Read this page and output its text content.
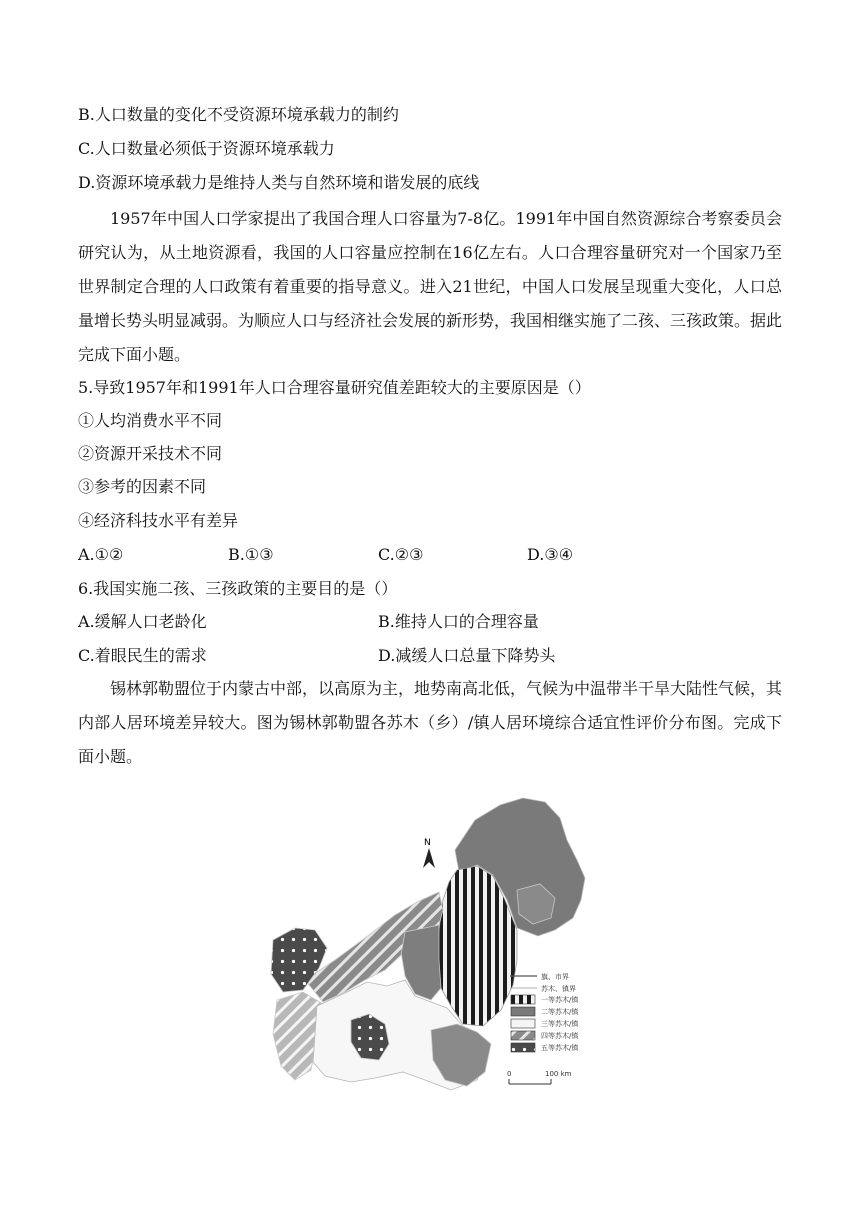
B.人口数量的变化不受资源环境承载力的制约
C.人口数量必须低于资源环境承载力
D.资源环境承载力是维持人类与自然环境和谐发展的底线
1957年中国人口学家提出了我国合理人口容量为7-8亿。1991年中国自然资源综合考察委员会研究认为，从土地资源看，我国的人口容量应控制在16亿左右。人口合理容量研究对一个国家乃至世界制定合理的人口政策有着重要的指导意义。进入21世纪，中国人口发展呈现重大变化，人口总量增长势头明显减弱。为顺应人口与经济社会发展的新形势，我国相继实施了二孩、三孩政策。据此完成下面小题。
5.导致1957年和1991年人口合理容量研究值差距较大的主要原因是（）
①人均消费水平不同
②资源开采技术不同
③参考的因素不同
④经济科技水平有差异
A.①②	B.①③	C.②③	D.③④
6.我国实施二孩、三孩政策的主要目的是（）
A.缓解人口老龄化	B.维持人口的合理容量
C.着眼民生的需求	D.减缓人口总量下降势头
锡林郭勒盟位于内蒙古中部，以高原为主，地势南高北低，气候为中温带半干旱大陆性气候，其内部人居环境差异较大。图为锡林郭勒盟各苏木（乡）/镇人居环境综合适宜性评价分布图。完成下面小题。
N
旗、市界
苏木、镇界
一等苏木/镇
二等苏木/镇
三等苏木/镇
四等苏木/镇
五等苏木/镇
0	100 km
